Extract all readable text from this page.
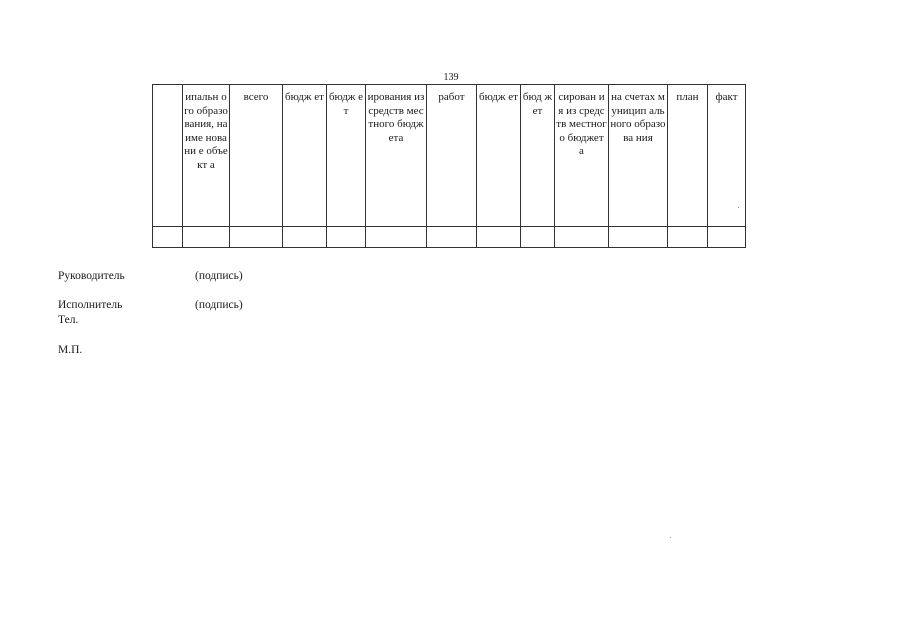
139
	ипальн ого образо вания, наиме новани е объект а	всего	бюдж ет	бюдж ет	ирования из средств местного бюджета	работ	бюдж ет	бюд жет	сирован ия из средств местног о бюджет а	на счетах муницип ального образова ния	план	факт

Руководитель	(подпись)
Исполнитель	(подпись)
Тел.
М.П.
